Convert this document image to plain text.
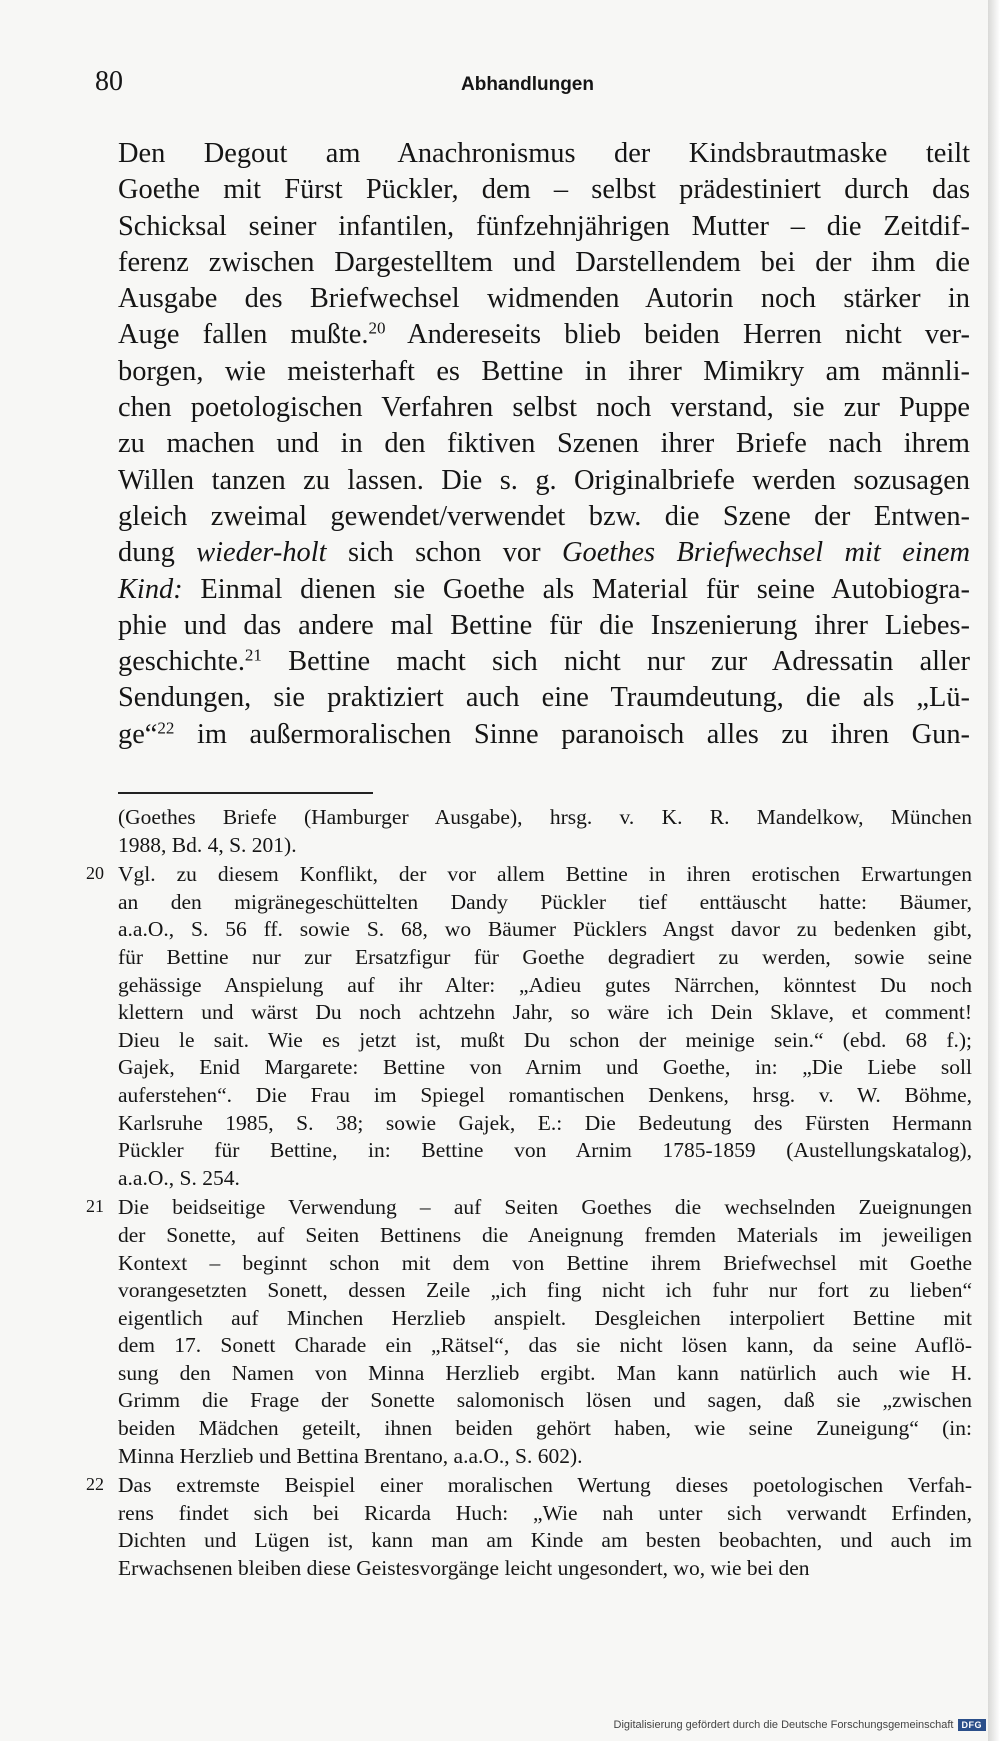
80	Abhandlungen
Den Degout am Anachronismus der Kindsbrautmaske teilt
Goethe mit Fürst Pückler, dem – selbst prädestiniert durch das
Schicksal seiner infantilen, fünfzehnjährigen Mutter – die Zeitdif-
ferenz zwischen Dargestelltem und Darstellendem bei der ihm die
Ausgabe des Briefwechsel widmenden Autorin noch stärker in
Auge fallen mußte.$^{20}$ Andereseits blieb beiden Herren nicht ver-
borgen, wie meisterhaft es Bettine in ihrer Mimikry am männli-
chen poetologischen Verfahren selbst noch verstand, sie zur Puppe
zu machen und in den fiktiven Szenen ihrer Briefe nach ihrem
Willen tanzen zu lassen. Die s. g. Originalbriefe werden sozusagen
gleich zweimal gewendet/verwendet bzw. die Szene der Entwen-
dung wieder-holt sich schon vor Goethes Briefwechsel mit einem
Kind: Einmal dienen sie Goethe als Material für seine Autobiogra-
phie und das andere mal Bettine für die Inszenierung ihrer Liebes-
geschichte.$^{21}$ Bettine macht sich nicht nur zur Adressatin aller
Sendungen, sie praktiziert auch eine Traumdeutung, die als „Lü-
ge“$^{22}$ im außermoralischen Sinne paranoisch alles zu ihren Gun-
(Goethes Briefe (Hamburger Ausgabe), hrsg. v. K. R. Mandelkow, München
1988, Bd. 4, S. 201).
20 Vgl. zu diesem Konflikt, der vor allem Bettine in ihren erotischen Erwartungen
an den migränegeschüttelten Dandy Pückler tief enttäuscht hatte: Bäumer,
a.a.O., S. 56 ff. sowie S. 68, wo Bäumer Pücklers Angst davor zu bedenken gibt,
für Bettine nur zur Ersatzfigur für Goethe degradiert zu werden, sowie seine
gehässige Anspielung auf ihr Alter: „Adieu gutes Närrchen, könntest Du noch
klettern und wärst Du noch achtzehn Jahr, so wäre ich Dein Sklave, et comment!
Dieu le sait. Wie es jetzt ist, mußt Du schon der meinige sein.“ (ebd. 68 f.);
Gajek, Enid Margarete: Bettine von Arnim und Goethe, in: „Die Liebe soll
auferstehen“. Die Frau im Spiegel romantischen Denkens, hrsg. v. W. Böhme,
Karlsruhe 1985, S. 38; sowie Gajek, E.: Die Bedeutung des Fürsten Hermann
Pückler für Bettine, in: Bettine von Arnim 1785-1859 (Austellungskatalog),
a.a.O., S. 254.
21 Die beidseitige Verwendung – auf Seiten Goethes die wechselnden Zueignungen
der Sonette, auf Seiten Bettinens die Aneignung fremden Materials im jeweiligen
Kontext – beginnt schon mit dem von Bettine ihrem Briefwechsel mit Goethe
vorangesetzten Sonett, dessen Zeile „ich fing nicht ich fuhr nur fort zu lieben“
eigentlich auf Minchen Herzlieb anspielt. Desgleichen interpoliert Bettine mit
dem 17. Sonett Charade ein „Rätsel“, das sie nicht lösen kann, da seine Auflö-
sung den Namen von Minna Herzlieb ergibt. Man kann natürlich auch wie H.
Grimm die Frage der Sonette salomonisch lösen und sagen, daß sie „zwischen
beiden Mädchen geteilt, ihnen beiden gehört haben, wie seine Zuneigung“ (in:
Minna Herzlieb und Bettina Brentano, a.a.O., S. 602).
22 Das extremste Beispiel einer moralischen Wertung dieses poetologischen Verfah-
rens findet sich bei Ricarda Huch: „Wie nah unter sich verwandt Erfinden,
Dichten und Lügen ist, kann man am Kinde am besten beobachten, und auch im
Erwachsenen bleiben diese Geistesvorgänge leicht ungesondert, wo, wie bei den
Digitalisierung gefördert durch die Deutsche Forschungsgemeinschaft DFG
